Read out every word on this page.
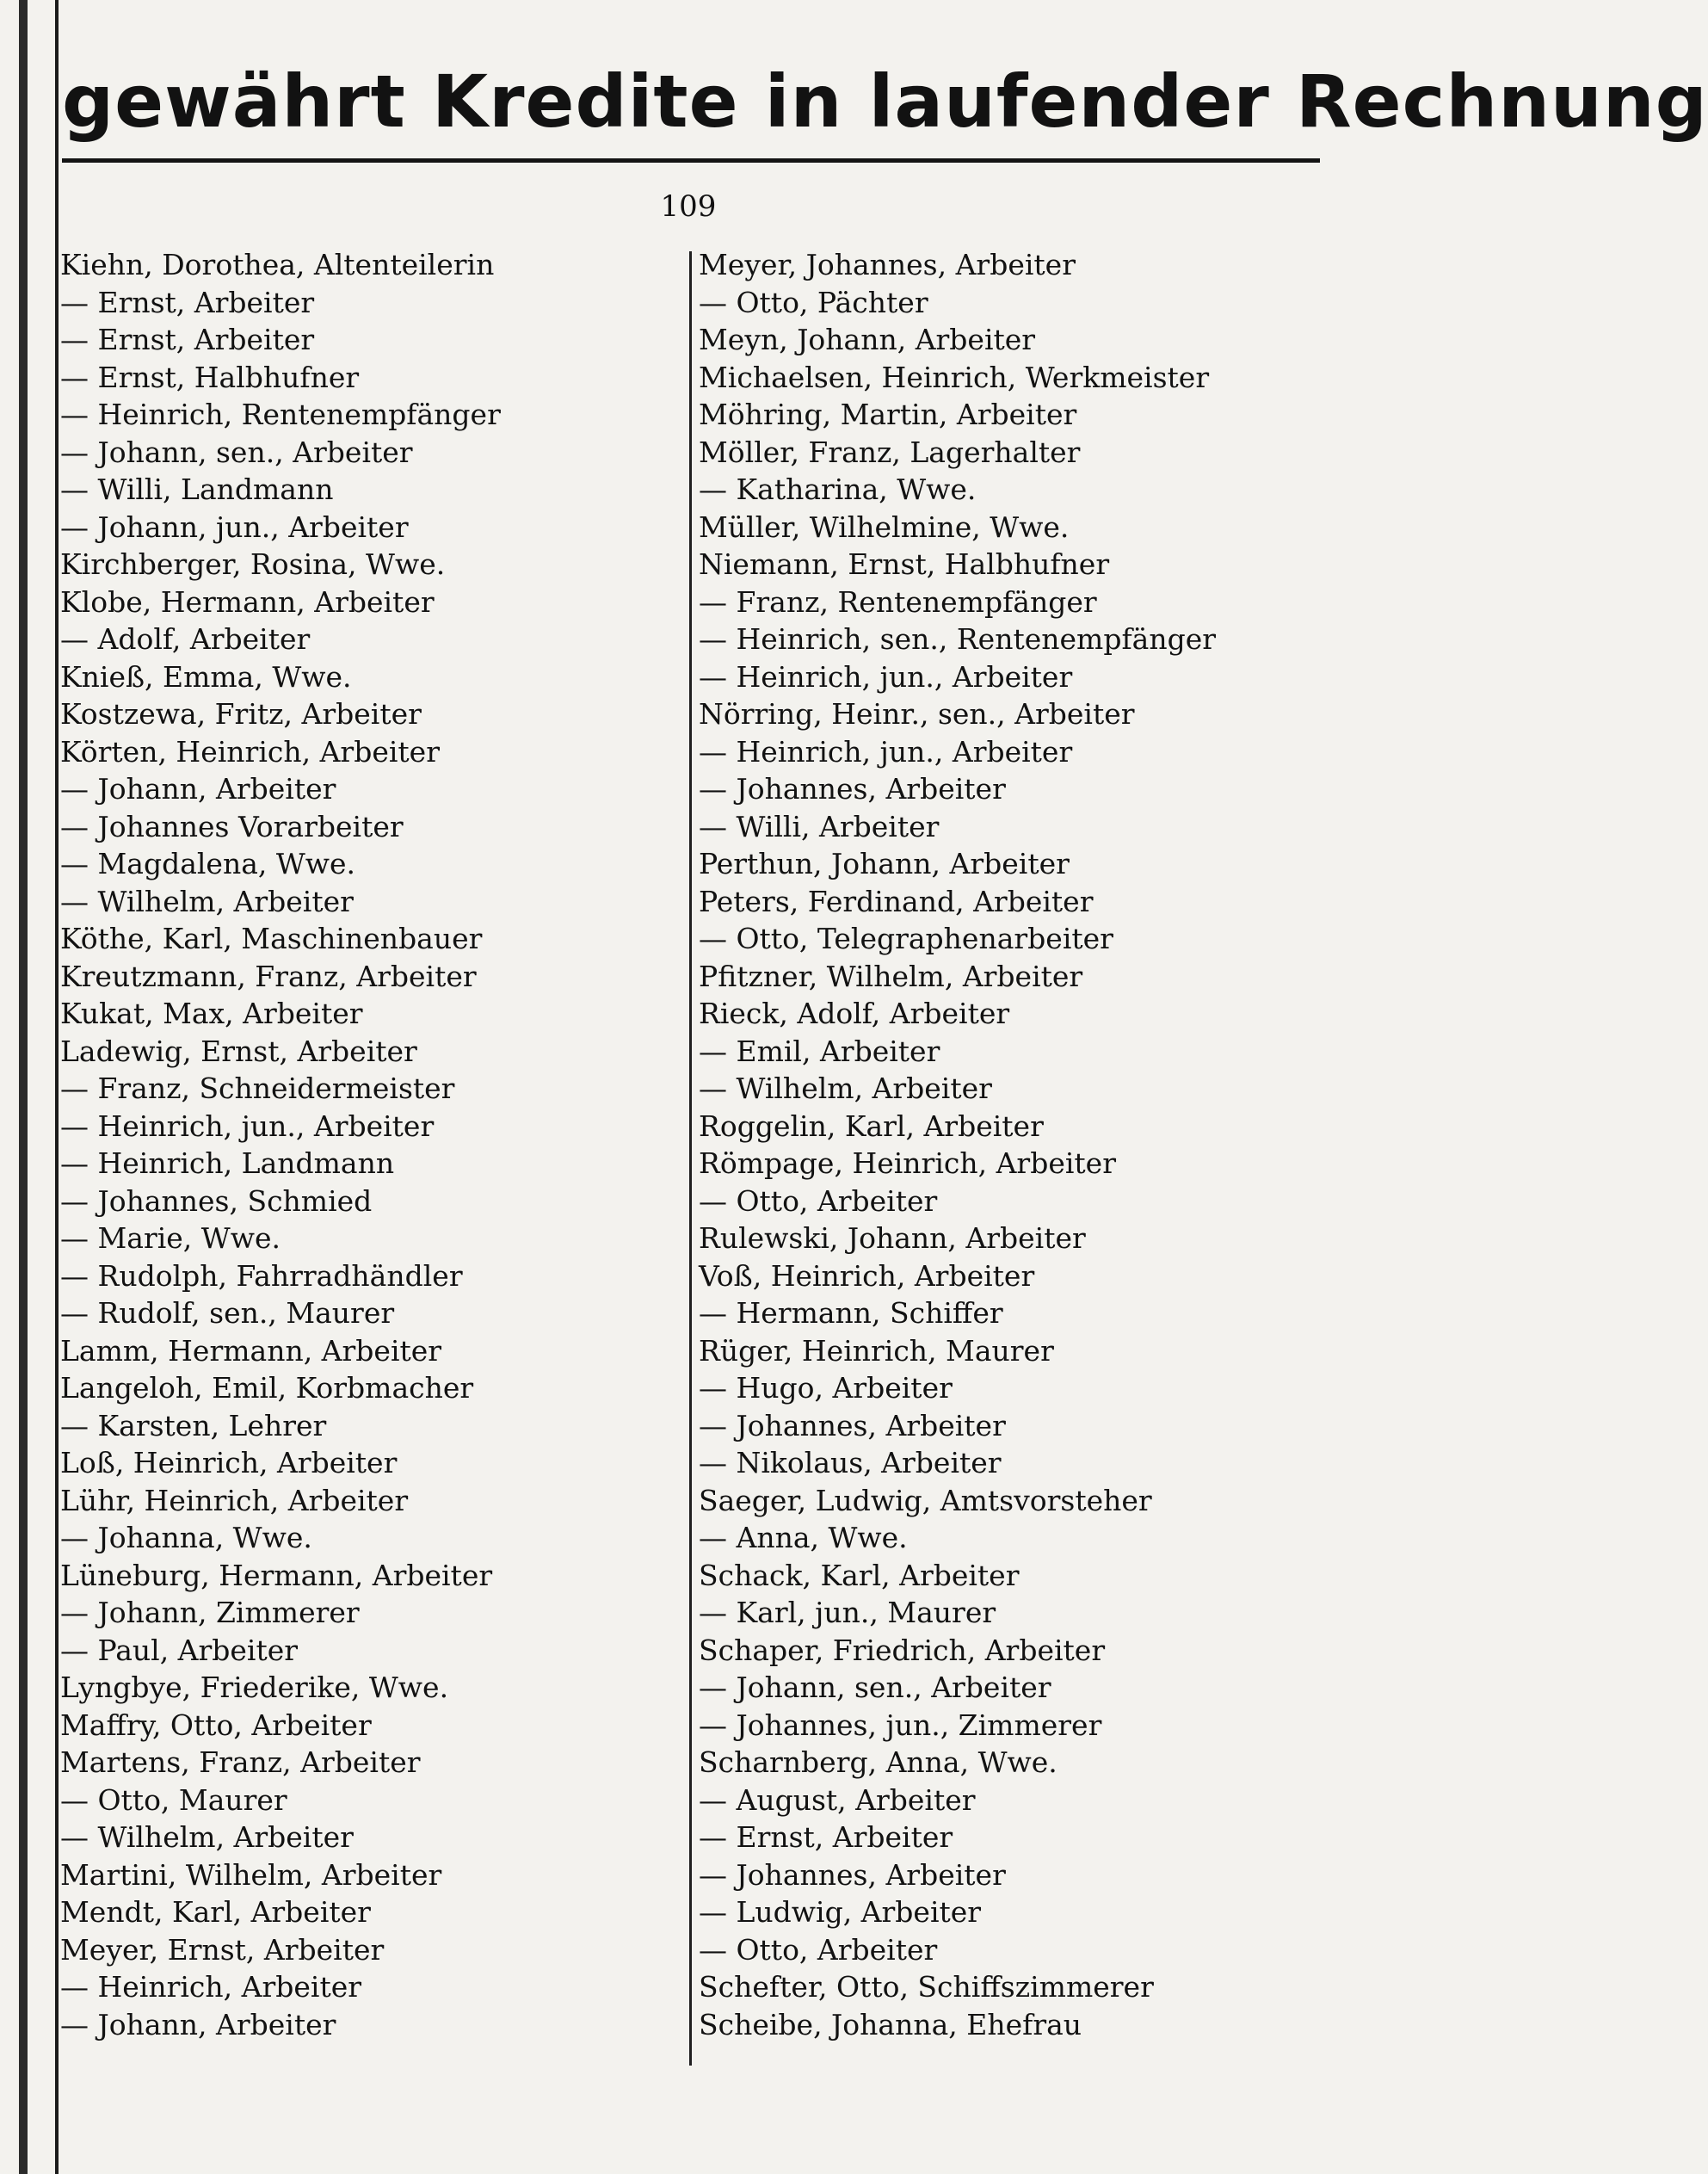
gewährt Kredite in laufender Rechnung
109
Kiehn, Dorothea, Altenteilerin
— Ernst, Arbeiter
— Ernst, Arbeiter
— Ernst, Halbhufner
— Heinrich, Rentenempfänger
— Johann, sen., Arbeiter
— Willi, Landmann
— Johann, jun., Arbeiter
Kirchberger, Rosina, Wwe.
Klobe, Hermann, Arbeiter
— Adolf, Arbeiter
Knieß, Emma, Wwe.
Kostzewa, Fritz, Arbeiter
Körten, Heinrich, Arbeiter
— Johann, Arbeiter
— Johannes Vorarbeiter
— Magdalena, Wwe.
— Wilhelm, Arbeiter
Köthe, Karl, Maschinenbauer
Kreutzmann, Franz, Arbeiter
Kukat, Max, Arbeiter
Ladewig, Ernst, Arbeiter
— Franz, Schneidermeister
— Heinrich, jun., Arbeiter
— Heinrich, Landmann
— Johannes, Schmied
— Marie, Wwe.
— Rudolph, Fahrradhändler
— Rudolf, sen., Maurer
Lamm, Hermann, Arbeiter
Langeloh, Emil, Korbmacher
— Karsten, Lehrer
Loß, Heinrich, Arbeiter
Lühr, Heinrich, Arbeiter
— Johanna, Wwe.
Lüneburg, Hermann, Arbeiter
— Johann, Zimmerer
— Paul, Arbeiter
Lyngbye, Friederike, Wwe.
Maffry, Otto, Arbeiter
Martens, Franz, Arbeiter
— Otto, Maurer
— Wilhelm, Arbeiter
Martini, Wilhelm, Arbeiter
Mendt, Karl, Arbeiter
Meyer, Ernst, Arbeiter
— Heinrich, Arbeiter
— Johann, Arbeiter
Meyer, Johannes, Arbeiter
— Otto, Pächter
Meyn, Johann, Arbeiter
Michaelsen, Heinrich, Werkmeister
Möhring, Martin, Arbeiter
Möller, Franz, Lagerhalter
— Katharina, Wwe.
Müller, Wilhelmine, Wwe.
Niemann, Ernst, Halbhufner
— Franz, Rentenempfänger
— Heinrich, sen., Rentenempfänger
— Heinrich, jun., Arbeiter
Nörring, Heinr., sen., Arbeiter
— Heinrich, jun., Arbeiter
— Johannes, Arbeiter
— Willi, Arbeiter
Perthun, Johann, Arbeiter
Peters, Ferdinand, Arbeiter
— Otto, Telegraphenarbeiter
Pfitzner, Wilhelm, Arbeiter
Rieck, Adolf, Arbeiter
— Emil, Arbeiter
— Wilhelm, Arbeiter
Roggelin, Karl, Arbeiter
Römpage, Heinrich, Arbeiter
— Otto, Arbeiter
Rulewski, Johann, Arbeiter
Voß, Heinrich, Arbeiter
— Hermann, Schiffer
Rüger, Heinrich, Maurer
— Hugo, Arbeiter
— Johannes, Arbeiter
— Nikolaus, Arbeiter
Saeger, Ludwig, Amtsvorsteher
— Anna, Wwe.
Schack, Karl, Arbeiter
— Karl, jun., Maurer
Schaper, Friedrich, Arbeiter
— Johann, sen., Arbeiter
— Johannes, jun., Zimmerer
Scharnberg, Anna, Wwe.
— August, Arbeiter
— Ernst, Arbeiter
— Johannes, Arbeiter
— Ludwig, Arbeiter
— Otto, Arbeiter
Schefter, Otto, Schiffszimmerer
Scheibe, Johanna, Ehefrau
